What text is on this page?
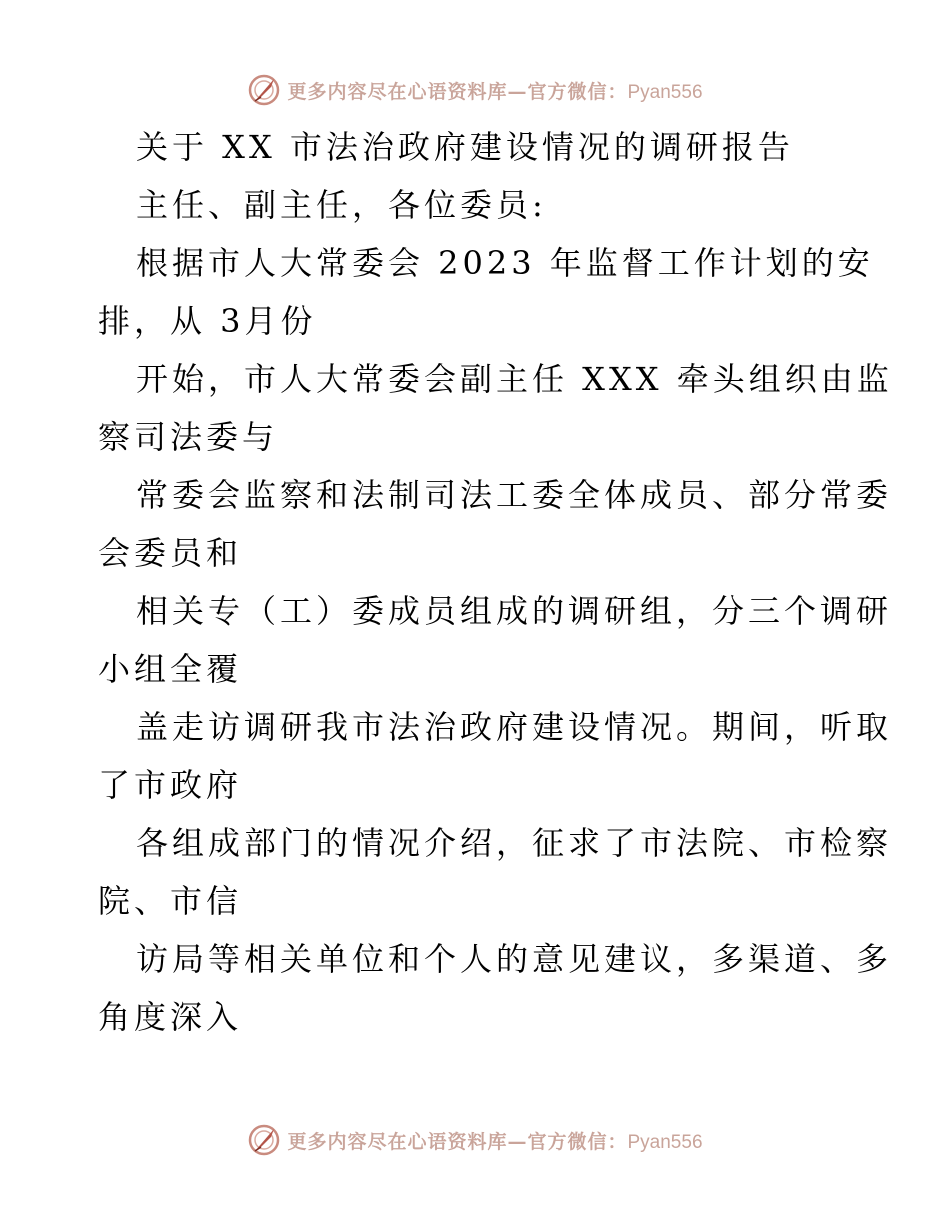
更多内容尽在心语资料库—官方微信：Pyan556
关于 XX 市法治政府建设情况的调研报告
主任、副主任，各位委员:
根据市人大常委会 2023 年监督工作计划的安
排，从 3月份
开始，市人大常委会副主任 XXX 牵头组织由监
察司法委与
常委会监察和法制司法工委全体成员、部分常委
会委员和
相关专（工）委成员组成的调研组，分三个调研
小组全覆
盖走访调研我市法治政府建设情况。期间，听取
了市政府
各组成部门的情况介绍，征求了市法院、市检察
院、市信
访局等相关单位和个人的意见建议，多渠道、多
角度深入
更多内容尽在心语资料库—官方微信：Pyan556
